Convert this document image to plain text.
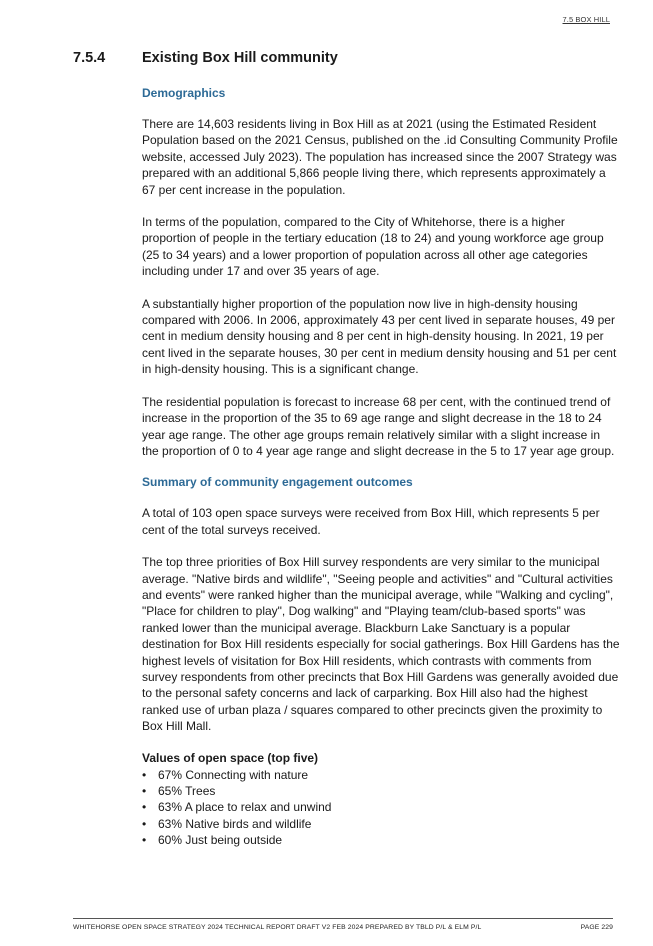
7.5 BOX HILL
7.5.4	Existing Box Hill community
Demographics

There are 14,603 residents living in Box Hill as at 2021 (using the Estimated Resident Population based on the 2021 Census, published on the .id Consulting Community Profile website, accessed July 2023). The population has increased since the 2007 Strategy was prepared with an additional 5,866 people living there, which represents approximately a 67 per cent increase in the population.

In terms of the population, compared to the City of Whitehorse, there is a higher proportion of people in the tertiary education (18 to 24) and young workforce age group (25 to 34 years) and a lower proportion of population across all other age categories including under 17 and over 35 years of age.

A substantially higher proportion of the population now live in high-density housing compared with 2006. In 2006, approximately 43 per cent lived in separate houses, 49 per cent in medium density housing and 8 per cent in high-density housing. In 2021, 19 per cent lived in the separate houses, 30 per cent in medium density housing and 51 per cent in high-density housing. This is a significant change.

The residential population is forecast to increase 68 per cent, with the continued trend of increase in the proportion of the 35 to 69 age range and slight decrease in the 18 to 24 year age range. The other age groups remain relatively similar with a slight increase in the proportion of 0 to 4 year age range and slight decrease in the 5 to 17 year age group.

Summary of community engagement outcomes

A total of 103 open space surveys were received from Box Hill, which represents 5 per cent of the total surveys received.

The top three priorities of Box Hill survey respondents are very similar to the municipal average. "Native birds and wildlife", "Seeing people and activities" and "Cultural activities and events" were ranked higher than the municipal average, while "Walking and cycling", "Place for children to play", Dog walking" and "Playing team/club-based sports" was ranked lower than the municipal average. Blackburn Lake Sanctuary is a popular destination for Box Hill residents especially for social gatherings. Box Hill Gardens has the highest levels of visitation for Box Hill residents, which contrasts with comments from survey respondents from other precincts that Box Hill Gardens was generally avoided due to the personal safety concerns and lack of carparking. Box Hill also had the highest ranked use of urban plaza / squares compared to other precincts given the proximity to Box Hill Mall.

Values of open space (top five)
• 67% Connecting with nature
• 65% Trees
• 63% A place to relax and unwind
• 63% Native birds and wildlife
• 60% Just being outside
WHITEHORSE OPEN SPACE STRATEGY 2024 TECHNICAL REPORT DRAFT V2 FEB 2024 PREPARED BY TBLD P/L & ELM P/L	PAGE 229
